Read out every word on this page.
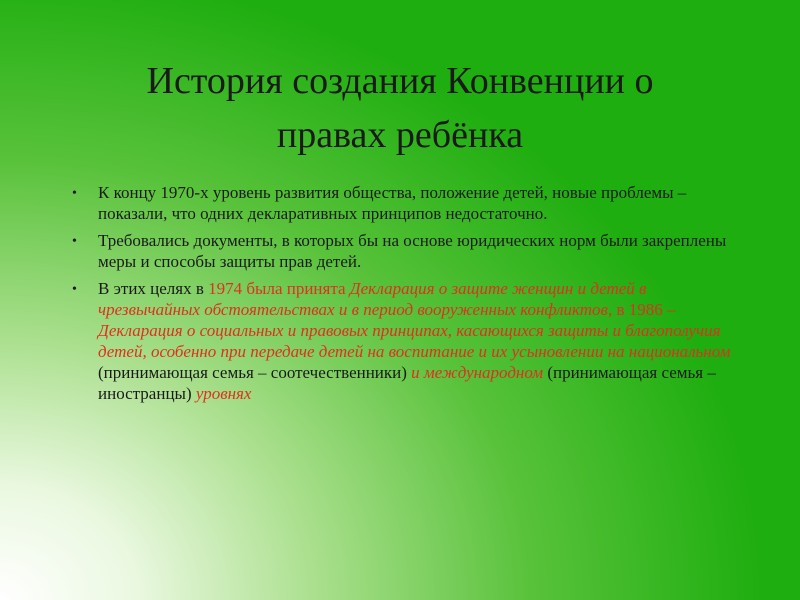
История создания Конвенции о
правах ребёнка
• К концу 1970-х уровень развития общества, положение детей, новые проблемы – показали, что одних декларативных принципов недостаточно.
• Требовались документы, в которых бы на основе юридических норм были закреплены меры и способы защиты прав детей.
• В этих целях в 1974 была принята Декларация о защите женщин и детей в чрезвычайных обстоятельствах и в период вооруженных конфликтов, в 1986 – Декларация о социальных и правовых принципах, касающихся защиты и благополучия детей, особенно при передаче детей на воспитание и их усыновлении на национальном (принимающая семья – соотечественники) и международном (принимающая семья – иностранцы) уровнях
